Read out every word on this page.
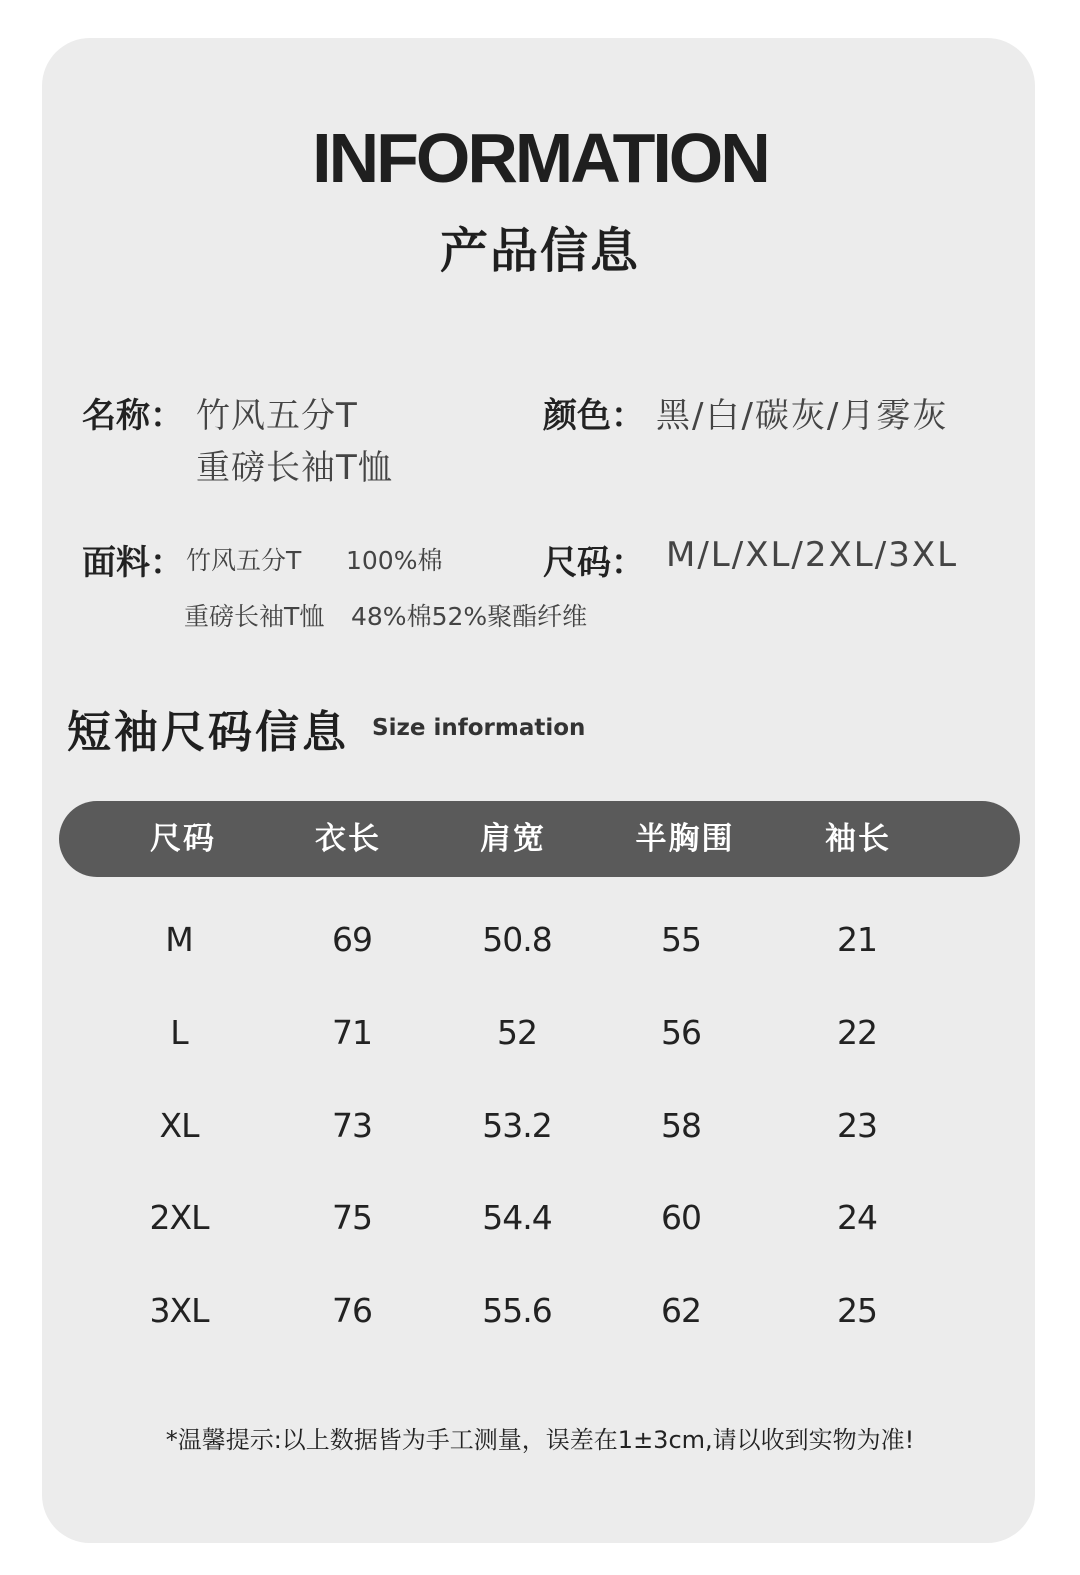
INFORMATION
产品信息
名称： 竹风五分T
重磅长袖T恤
颜色： 黑/白/碳灰/月雾灰
面料： 竹风五分T 100%棉
重磅长袖T恤 48%棉52%聚酯纤维
尺码： M/L/XL/2XL/3XL
短袖尺码信息 Size information
尺码	衣长	肩宽	半胸围	袖长
M	69	50.8	55	21
L	71	52	56	22
XL	73	53.2	58	23
2XL	75	54.4	60	24
3XL	76	55.6	62	25
*温馨提示:以上数据皆为手工测量，误差在1±3cm,请以收到实物为准!
